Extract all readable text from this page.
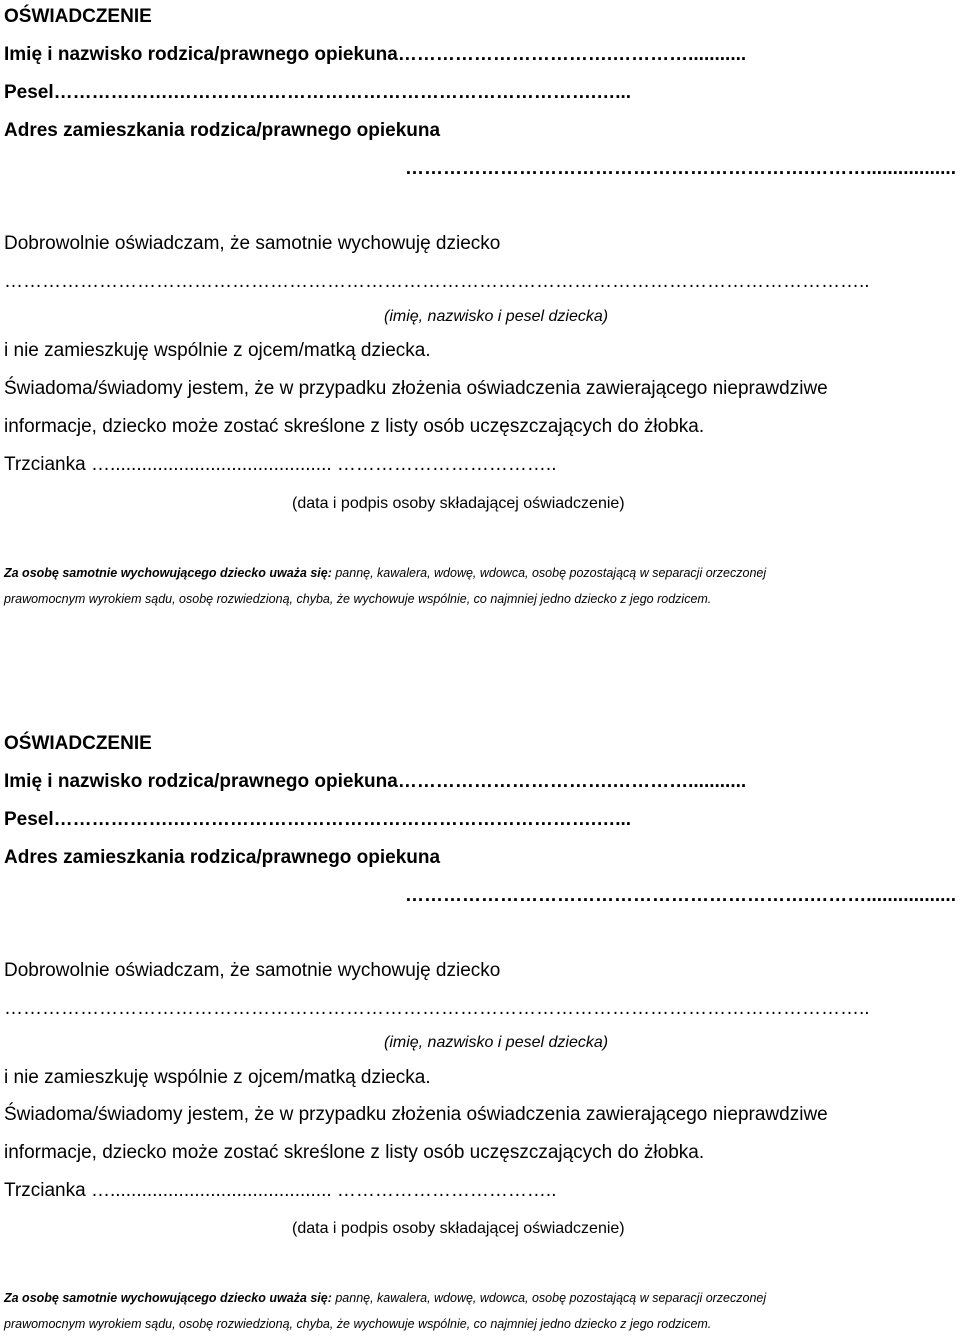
OŚWIADCZENIE
Imię i nazwisko rodzica/prawnego opiekuna…………………………….…………...........
Pesel……………….………………………………………………………….…...
Adres zamieszkania rodzica/prawnego opiekuna
……………………………………………………….……….................
Dobrowolnie oświadczam, że samotnie wychowuję dziecko
………………………………………………………………………………………………………………………..
(imię, nazwisko i pesel dziecka)
i nie zamieszkuję wspólnie z ojcem/matką dziecka.
Świadoma/świadomy jestem, że w przypadku złożenia oświadczenia zawierającego nieprawdziwe
informacje, dziecko może zostać skreślone z listy osób uczęszczających do żłobka.
Trzcianka ….......................................... ……………………………..
(data i podpis osoby składającej oświadczenie)
Za osobę samotnie wychowującego dziecko uważa się: pannę, kawalera, wdowę, wdowca, osobę pozostającą w separacji orzeczonej
prawomocnym wyrokiem sądu, osobę rozwiedzioną, chyba, że wychowuje wspólnie, co najmniej jedno dziecko z jego rodzicem.
OŚWIADCZENIE
Imię i nazwisko rodzica/prawnego opiekuna…………………………….…………...........
Pesel……………….………………………………………………………….…...
Adres zamieszkania rodzica/prawnego opiekuna
……………………………………………………….……….................
Dobrowolnie oświadczam, że samotnie wychowuję dziecko
………………………………………………………………………………………………………………………..
(imię, nazwisko i pesel dziecka)
i nie zamieszkuję wspólnie z ojcem/matką dziecka.
Świadoma/świadomy jestem, że w przypadku złożenia oświadczenia zawierającego nieprawdziwe
informacje, dziecko może zostać skreślone z listy osób uczęszczających do żłobka.
Trzcianka ….......................................... ……………………………..
(data i podpis osoby składającej oświadczenie)
Za osobę samotnie wychowującego dziecko uważa się: pannę, kawalera, wdowę, wdowca, osobę pozostającą w separacji orzeczonej
prawomocnym wyrokiem sądu, osobę rozwiedzioną, chyba, że wychowuje wspólnie, co najmniej jedno dziecko z jego rodzicem.
